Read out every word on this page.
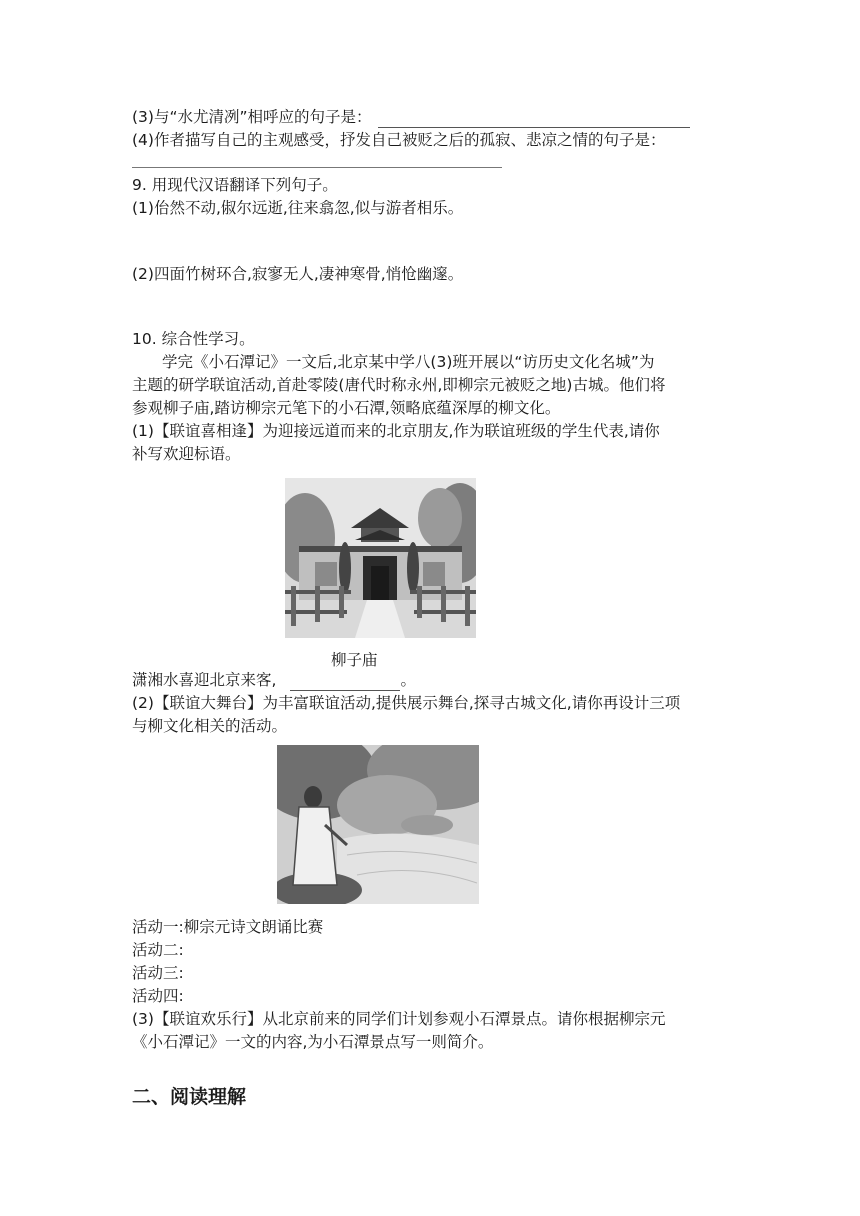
(3)与“水尤清冽”相呼应的句子是：
(4)作者描写自己的主观感受，抒发自己被贬之后的孤寂、悲凉之情的句子是：
9. 用现代汉语翻译下列句子。
(1)佁然不动,俶尔远逝,往来翕忽,似与游者相乐。
(2)四面竹树环合,寂寥无人,凄神寒骨,悄怆幽邃。
10. 综合性学习。
学完《小石潭记》一文后,北京某中学八(3)班开展以“访历史文化名城”为
主题的研学联谊活动,首赴零陵(唐代时称永州,即柳宗元被贬之地)古城。他们将
参观柳子庙,踏访柳宗元笔下的小石潭,领略底蕴深厚的柳文化。
(1)【联谊喜相逢】为迎接远道而来的北京朋友,作为联谊班级的学生代表,请你
补写欢迎标语。
柳子庙
潇湘水喜迎北京来客,	。
(2)【联谊大舞台】为丰富联谊活动,提供展示舞台,探寻古城文化,请你再设计三项
与柳文化相关的活动。
活动一:柳宗元诗文朗诵比赛
活动二:
活动三:
活动四:
(3)【联谊欢乐行】从北京前来的同学们计划参观小石潭景点。请你根据柳宗元
《小石潭记》一文的内容,为小石潭景点写一则简介。
二、阅读理解
